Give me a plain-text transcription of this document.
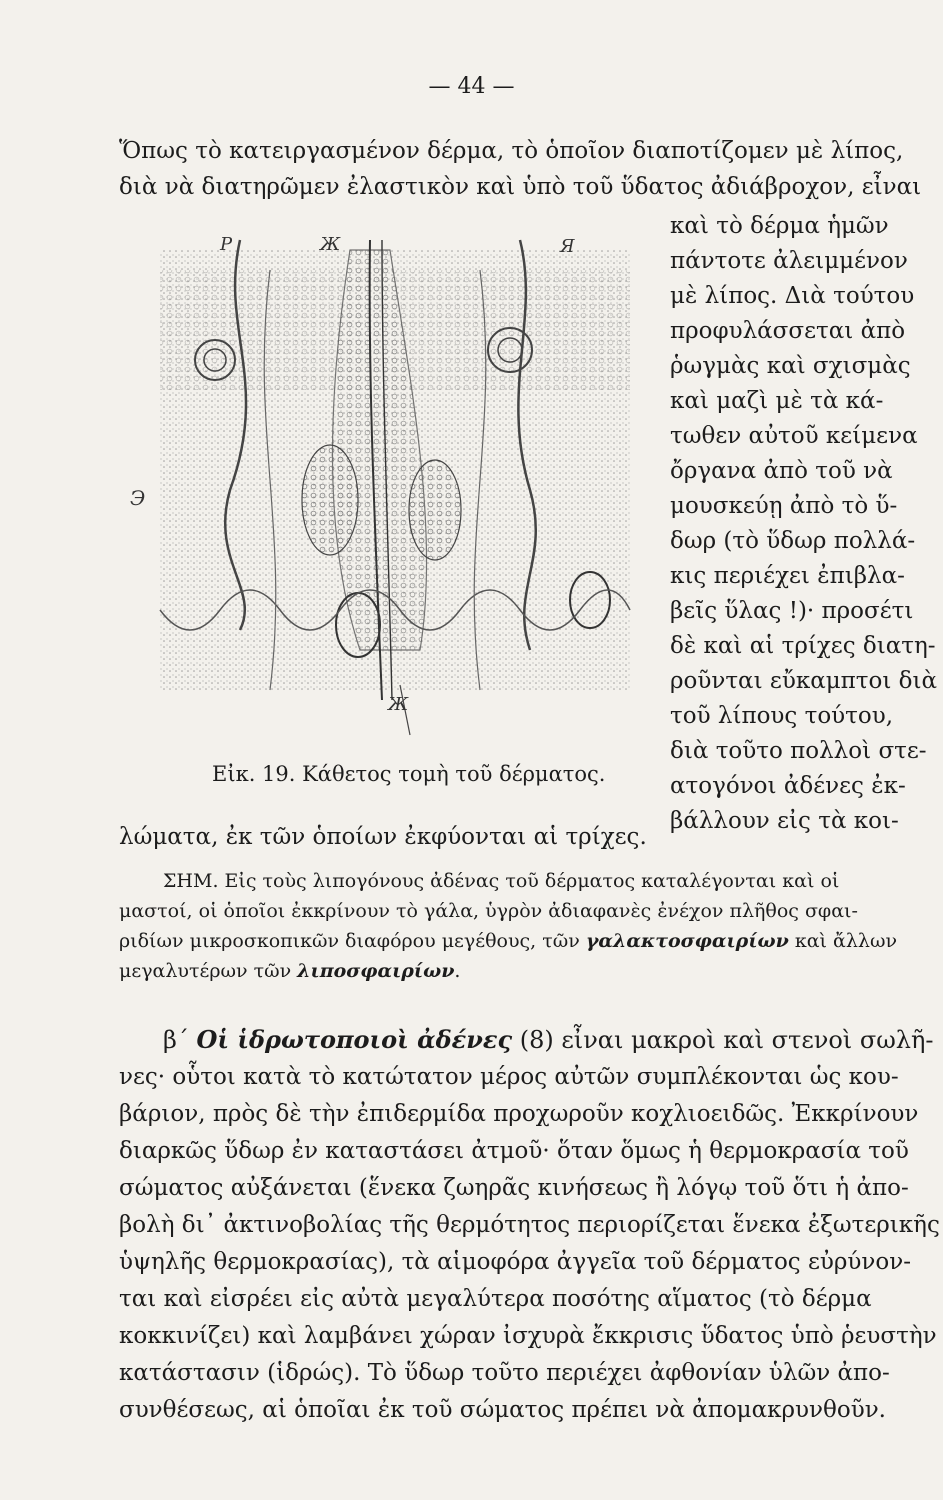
— 44 —
Ὅπως τὸ κατειργασμένον δέρμα, τὸ ὁποῖον διαποτίζομεν μὲ λίπος,
διὰ νὰ διατηρῶμεν ἐλαστικὸν καὶ ὑπὸ τοῦ ὕδατος ἀδιάβροχον, εἶναι
Ρ	Ж	Я
Э
Ж
Εἰκ. 19. Κάθετος τομὴ τοῦ δέρματος.
καὶ τὸ δέρμα ἡμῶν
πάντοτε ἀλειμμένον
μὲ λίπος. Διὰ τούτου
προφυλάσσεται ἀπὸ
ῥωγμὰς καὶ σχισμὰς
καὶ μαζὶ μὲ τὰ κά-
τωθεν αὐτοῦ κείμενα
ὄργανα ἀπὸ τοῦ νὰ
μουσκεύῃ ἀπὸ τὸ ὕ-
δωρ (τὸ ὕδωρ πολλά-
κις περιέχει ἐπιβλα-
βεῖς ὕλας !)· προσέτι
δὲ καὶ αἱ τρίχες διατη-
ροῦνται εὔκαμπτοι διὰ
τοῦ λίπους τούτου,
διὰ τοῦτο πολλοὶ στε-
ατογόνοι ἀδένες ἐκ-
βάλλουν εἰς τὰ κοι-
λώματα, ἐκ τῶν ὁποίων ἐκφύονται αἱ τρίχες.
ΣΗΜ. Εἰς τοὺς λιπογόνους ἀδένας τοῦ δέρματος καταλέγονται καὶ οἱ
μαστοί, οἱ ὁποῖοι ἐκκρίνουν τὸ γάλα, ὑγρὸν ἀδιαφανὲς ἐνέχον πλῆθος σφαι-
ριδίων μικροσκοπικῶν διαφόρου μεγέθους, τῶν γαλακτοσφαιρίων καὶ ἄλλων
μεγαλυτέρων τῶν λιποσφαιρίων.
β΄ Οἱ ἱδρωτοποιοὶ ἀδένες (8) εἶναι μακροὶ καὶ στενοὶ σωλῆ-
νες· οὗτοι κατὰ τὸ κατώτατον μέρος αὐτῶν συμπλέκονται ὡς κου-
βάριον, πρὸς δὲ τὴν ἐπιδερμίδα προχωροῦν κοχλιοειδῶς. Ἐκκρίνουν
διαρκῶς ὕδωρ ἐν καταστάσει ἀτμοῦ· ὅταν ὅμως ἡ θερμοκρασία τοῦ
σώματος αὐξάνεται (ἕνεκα ζωηρᾶς κινήσεως ἢ λόγῳ τοῦ ὅτι ἡ ἀπο-
βολὴ δι᾽ ἀκτινοβολίας τῆς θερμότητος περιορίζεται ἕνεκα ἐξωτερικῆς
ὑψηλῆς θερμοκρασίας), τὰ αἱμοφόρα ἀγγεῖα τοῦ δέρματος εὐρύνον-
ται καὶ εἰσρέει εἰς αὐτὰ μεγαλύτερα ποσότης αἵματος (τὸ δέρμα
κοκκινίζει) καὶ λαμβάνει χώραν ἰσχυρὰ ἔκκρισις ὕδατος ὑπὸ ῥευστὴν
κατάστασιν (ἱδρώς). Τὸ ὕδωρ τοῦτο περιέχει ἀφθονίαν ὑλῶν ἀπο-
συνθέσεως, αἱ ὁποῖαι ἐκ τοῦ σώματος πρέπει νὰ ἀπομακρυνθοῦν.
